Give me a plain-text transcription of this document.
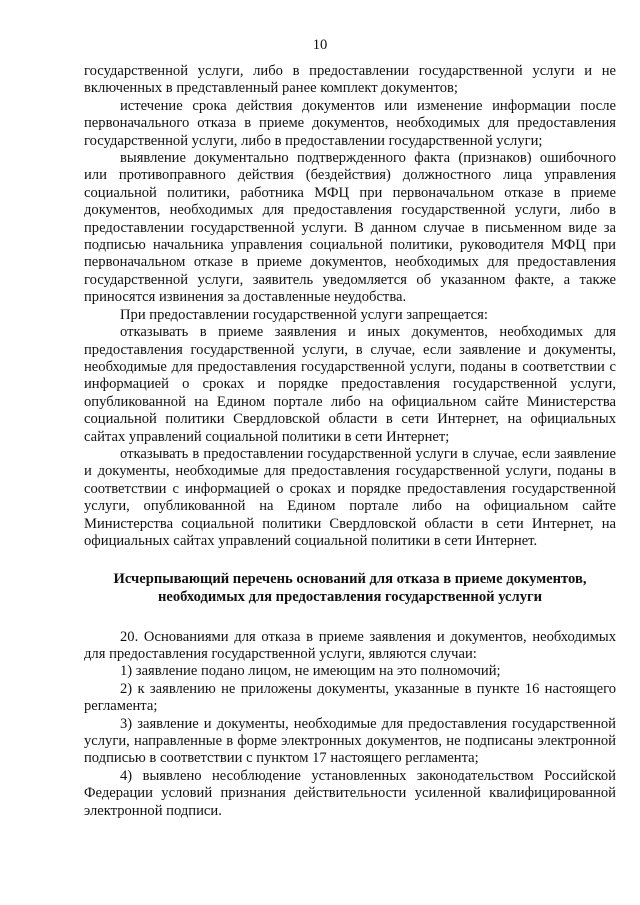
10

государственной услуги, либо в предоставлении государственной услуги и не включенных в представленный ранее комплект документов;

истечение срока действия документов или изменение информации после первоначального отказа в приеме документов, необходимых для предоставления государственной услуги, либо в предоставлении государственной услуги;

выявление документально подтвержденного факта (признаков) ошибочного или противоправного действия (бездействия) должностного лица управления социальной политики, работника МФЦ при первоначальном отказе в приеме документов, необходимых для предоставления государственной услуги, либо в предоставлении государственной услуги. В данном случае в письменном виде за подписью начальника управления социальной политики, руководителя МФЦ при первоначальном отказе в приеме документов, необходимых для предоставления государственной услуги, заявитель уведомляется об указанном факте, а также приносятся извинения за доставленные неудобства.

При предоставлении государственной услуги запрещается:

отказывать в приеме заявления и иных документов, необходимых для предоставления государственной услуги, в случае, если заявление и документы, необходимые для предоставления государственной услуги, поданы в соответствии с информацией о сроках и порядке предоставления государственной услуги, опубликованной на Едином портале либо на официальном сайте Министерства социальной политики Свердловской области в сети Интернет, на официальных сайтах управлений социальной политики в сети Интернет;

отказывать в предоставлении государственной услуги в случае, если заявление и документы, необходимые для предоставления государственной услуги, поданы в соответствии с информацией о сроках и порядке предоставления государственной услуги, опубликованной на Едином портале либо на официальном сайте Министерства социальной политики Свердловской области в сети Интернет, на официальных сайтах управлений социальной политики в сети Интернет.

Исчерпывающий перечень оснований для отказа в приеме документов,
необходимых для предоставления государственной услуги

20. Основаниями для отказа в приеме заявления и документов, необходимых для предоставления государственной услуги, являются случаи:

1) заявление подано лицом, не имеющим на это полномочий;

2) к заявлению не приложены документы, указанные в пункте 16 настоящего регламента;

3) заявление и документы, необходимые для предоставления государственной услуги, направленные в форме электронных документов, не подписаны электронной подписью в соответствии с пунктом 17 настоящего регламента;

4) выявлено несоблюдение установленных законодательством Российской Федерации условий признания действительности усиленной квалифицированной электронной подписи.
